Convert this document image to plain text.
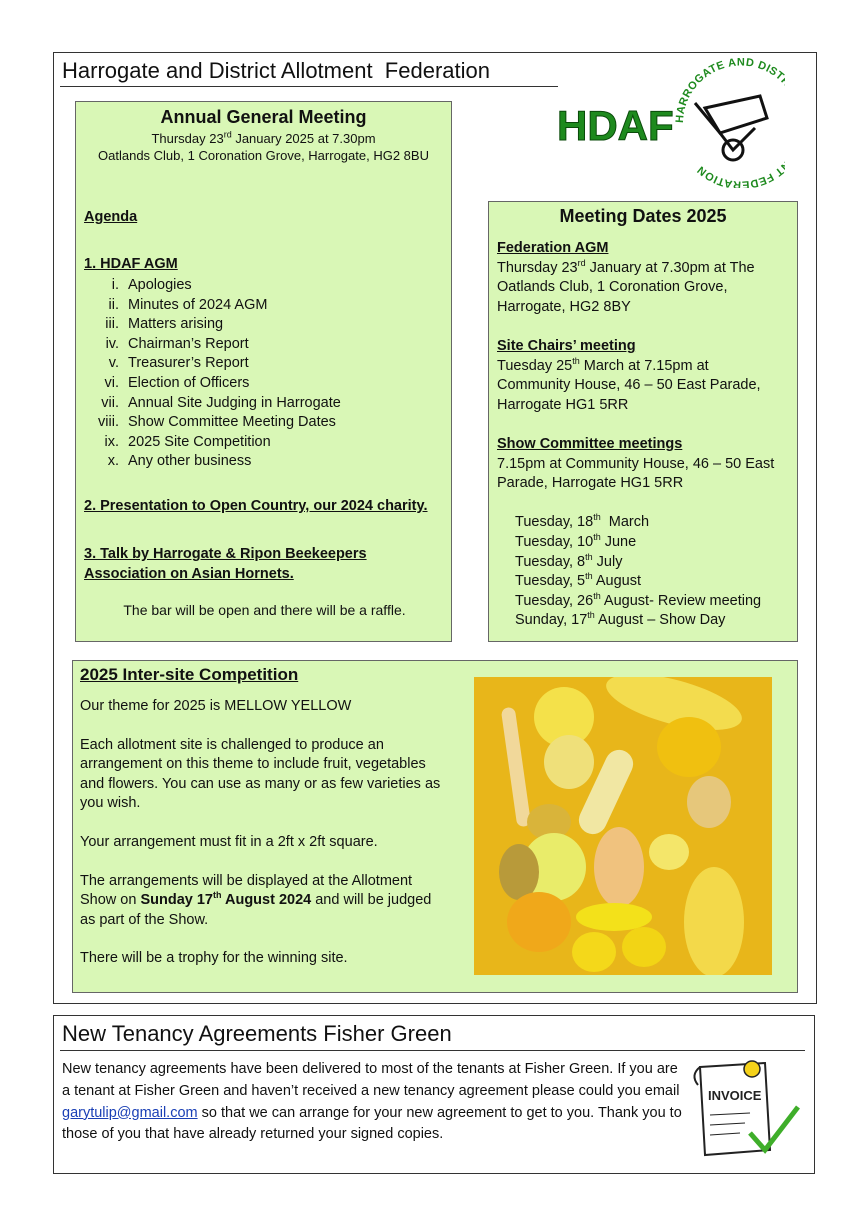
Harrogate and District Allotment  Federation
HARROGATE AND DIST T FEDERATION
HDAF
Annual General Meeting
Thursday 23rd January 2025 at 7.30pm
Oatlands Club, 1 Coronation Grove, Harrogate, HG2 8BU
Agenda
1. HDAF AGM
i. Apologies
ii. Minutes of 2024 AGM
iii. Matters arising
iv. Chairman’s Report
v. Treasurer’s Report
vi. Election of Officers
vii. Annual Site Judging in Harrogate
viii. Show Committee Meeting Dates
ix. 2025 Site Competition
x. Any other business
2. Presentation to Open Country, our 2024 charity.
3. Talk by Harrogate & Ripon Beekeepers
Association on Asian Hornets.
The bar will be open and there will be a raffle.
Meeting Dates 2025
Federation AGM
Thursday 23rd January at 7.30pm at The
Oatlands Club, 1 Coronation Grove,
Harrogate, HG2 8BY
Site Chairs’ meeting
Tuesday 25th March at 7.15pm at
Community House, 46 – 50 East Parade,
Harrogate HG1 5RR
Show Committee meetings
7.15pm at Community House, 46 – 50 East
Parade, Harrogate HG1 5RR
Tuesday, 18th  March
Tuesday, 10th June
Tuesday, 8th July
Tuesday, 5th August
Tuesday, 26th August- Review meeting
Sunday, 17th August – Show Day
2025 Inter-site Competition
Our theme for 2025 is MELLOW YELLOW
Each allotment site is challenged to produce an arrangement on this theme to include fruit, vegetables and flowers. You can use as many or as few varieties as you wish.
Your arrangement must fit in a 2ft x 2ft square.
The arrangements will be displayed at the Allotment Show on Sunday 17th August 2024 and will be judged as part of the Show.
There will be a trophy for the winning site.
New Tenancy Agreements Fisher Green
New tenancy agreements have been delivered to most of the tenants at Fisher Green. If you are a tenant at Fisher Green and haven’t received a new tenancy agreement please could you email garytulip@gmail.com so that we can arrange for your new agreement to get to you. Thank you to those of you that have already returned your signed copies.
INVOICE
